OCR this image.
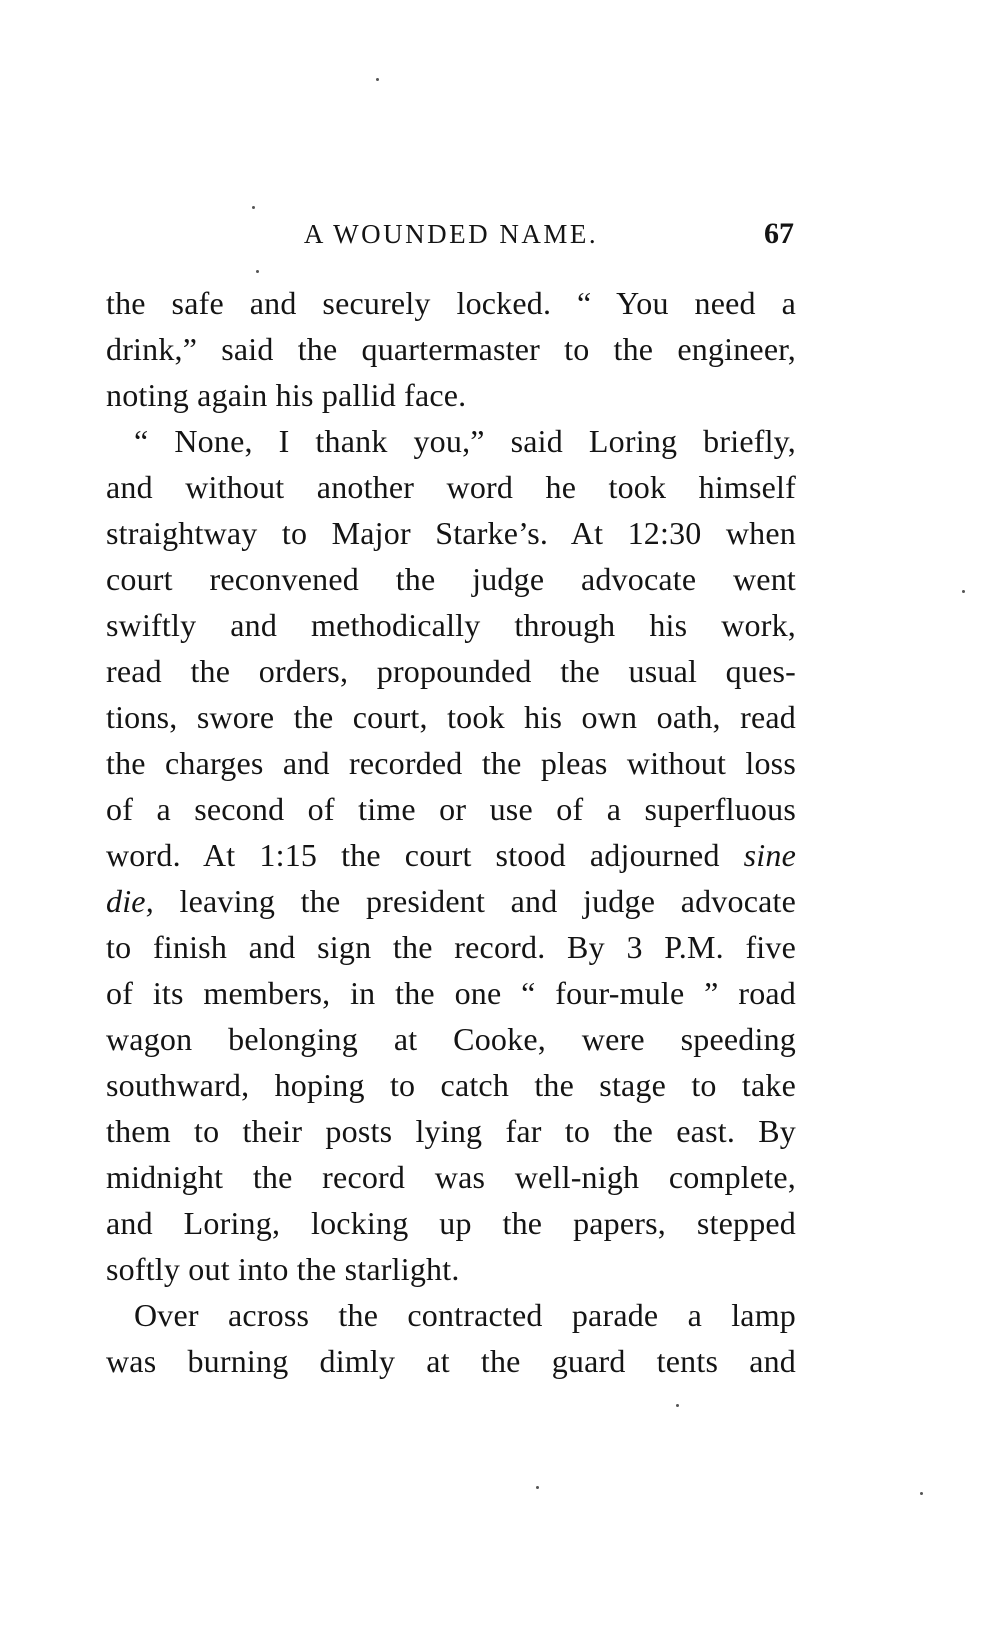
A WOUNDED NAME.	67
the safe and securely locked. “ You need a
drink,” said the quartermaster to the engineer,
noting again his pallid face.
“ None, I thank you,” said Loring briefly,
and without another word he took himself
straightway to Major Starke’s. At 12:30 when
court reconvened the judge advocate went
swiftly and methodically through his work,
read the orders, propounded the usual ques-
tions, swore the court, took his own oath, read
the charges and recorded the pleas without loss
of a second of time or use of a superfluous
word. At 1:15 the court stood adjourned sine
die, leaving the president and judge advocate
to finish and sign the record. By 3 P.M. five
of its members, in the one “ four-mule ” road
wagon belonging at Cooke, were speeding
southward, hoping to catch the stage to take
them to their posts lying far to the east. By
midnight the record was well-nigh complete,
and Loring, locking up the papers, stepped
softly out into the starlight.
Over across the contracted parade a lamp
was burning dimly at the guard tents and
